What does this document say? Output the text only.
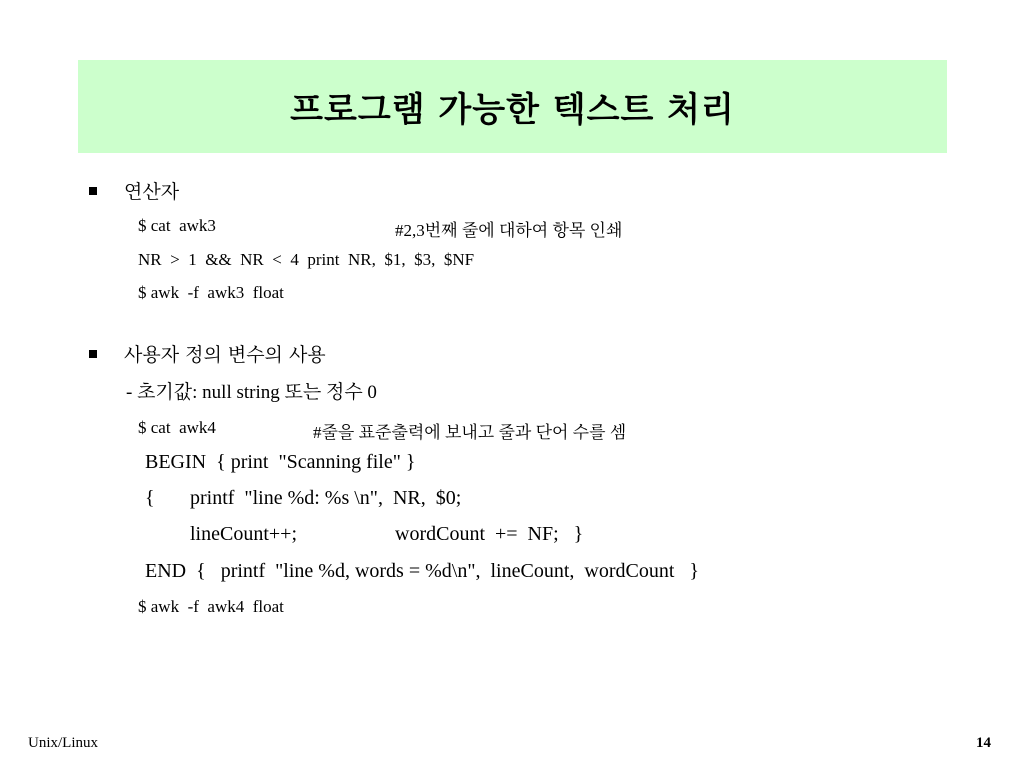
프로그램 가능한 텍스트 처리
연산자
$ cat  awk3	#2,3번째 줄에 대하여 항목 인쇄
NR  >  1  &&  NR  <  4  print  NR,  $1,  $3,  $NF
$ awk  -f  awk3  float
사용자 정의 변수의 사용
- 초기값: null string 또는 정수 0
$ cat  awk4	#줄을 표준출력에 보내고 줄과 단어 수를 셈
BEGIN  { print  "Scanning file" }
{ printf  "line %d: %s \n",  NR,  $0;
lineCount++;	wordCount  +=  NF;   }
END  {   printf  "line %d, words = %d\n",  lineCount,  wordCount   }
$ awk  -f  awk4  float
Unix/Linux	14
